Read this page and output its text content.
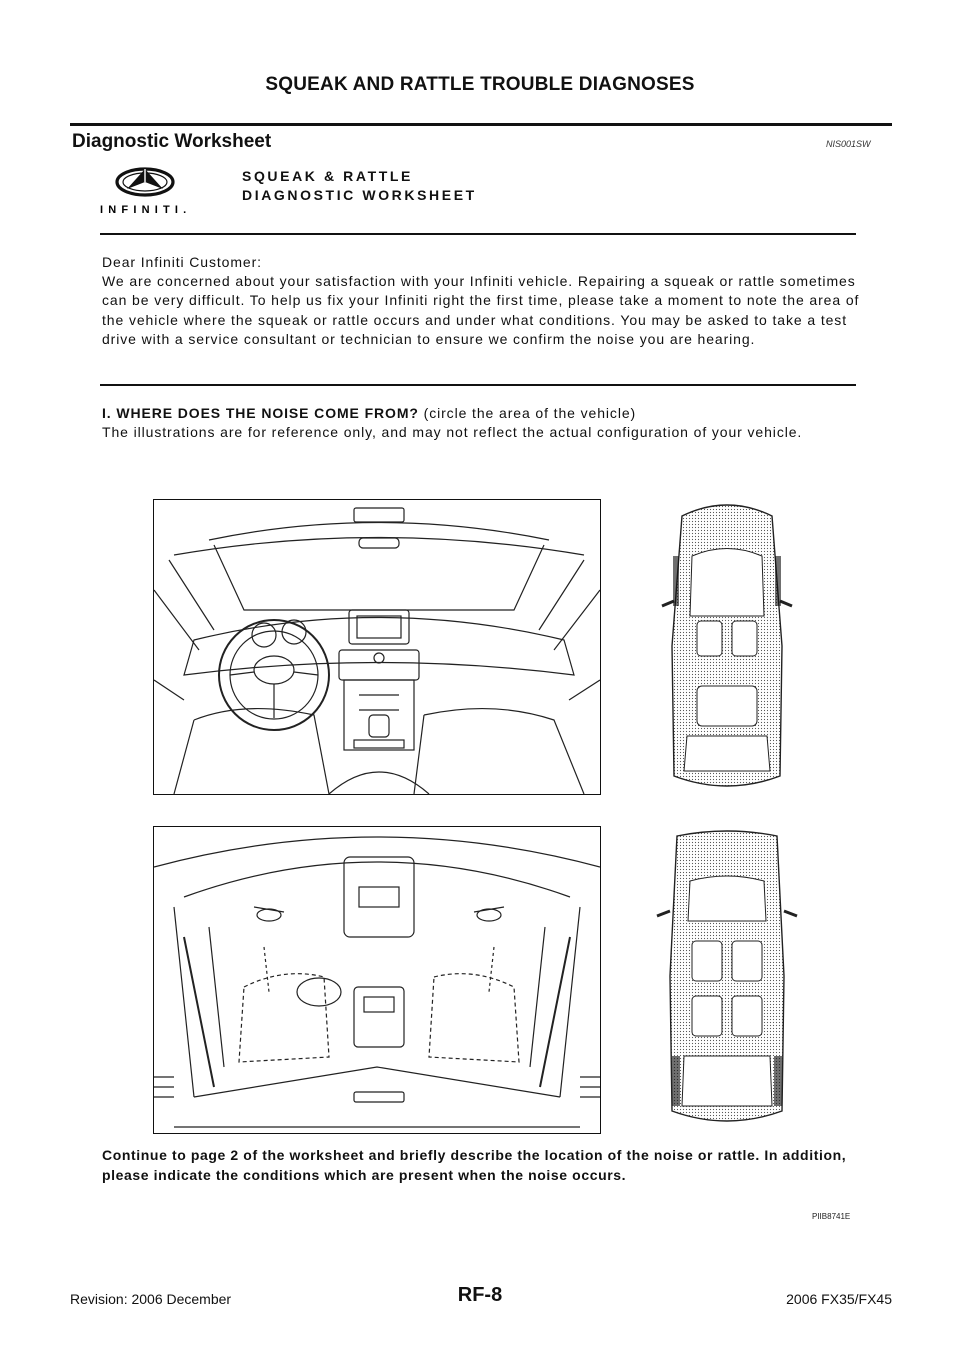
SQUEAK AND RATTLE TROUBLE DIAGNOSES
Diagnostic Worksheet	NIS001SW
INFINITI.
SQUEAK & RATTLE
DIAGNOSTIC WORKSHEET
Dear Infiniti Customer:
We are concerned about your satisfaction with your Infiniti vehicle. Repairing a squeak or rattle sometimes can be very difficult. To help us fix your Infiniti right the first time, please take a moment to note the area of the vehicle where the squeak or rattle occurs and under what conditions. You may be asked to take a test drive with a service consultant or technician to ensure we confirm the noise you are hearing.
I. WHERE DOES THE NOISE COME FROM? (circle the area of the vehicle)
The illustrations are for reference only, and may not reflect the actual configuration of your vehicle.
Continue to page 2 of the worksheet and briefly describe the location of the noise or rattle. In addition, please indicate the conditions which are present when the noise occurs.
PIIB8741E
RF-8
Revision: 2006 December	2006 FX35/FX45
